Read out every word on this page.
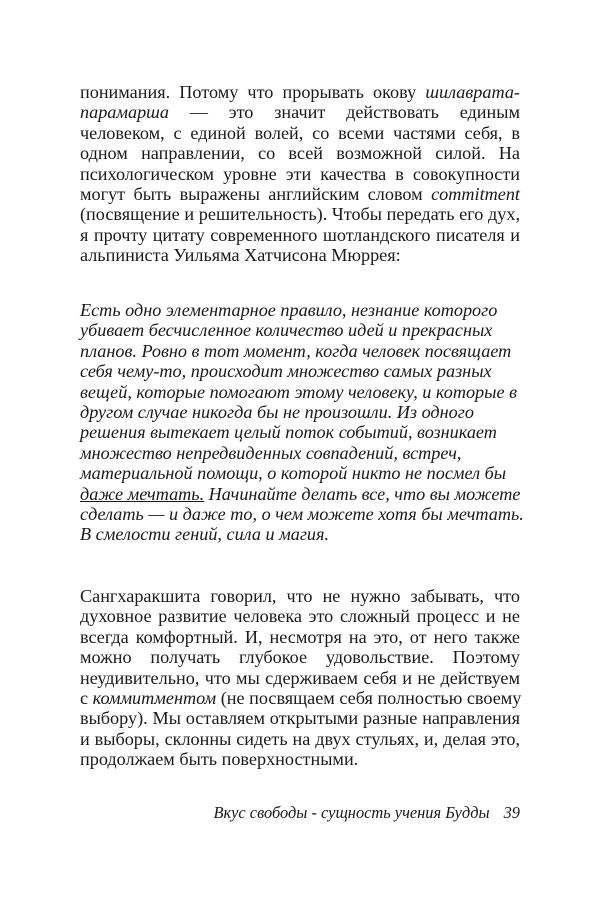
понимания. Потому что прорывать окову шилаврата-
парамарша — это значит действовать единым
человеком, с единой волей, со всеми частями себя, в
одном направлении, со всей возможной силой. На
психологическом уровне эти качества в совокупности
могут быть выражены английским словом commitment
(посвящение и решительность). Чтобы передать его дух,
я прочту цитату современного шотландского писателя и
альпиниста Уильяма Хатчисона Мюррея:
Есть одно элементарное правило, незнание которого
убивает бесчисленное количество идей и прекрасных
планов. Ровно в тот момент, когда человек посвящает
себя чему-то, происходит множество самых разных
вещей, которые помогают этому человеку, и которые в
другом случае никогда бы не произошли. Из одного
решения вытекает целый поток событий, возникает
множество непредвиденных совпадений, встреч,
материальной помощи, о которой никто не посмел бы
даже мечтать. Начинайте делать все, что вы можете
сделать — и даже то, о чем можете хотя бы мечтать.
В смелости гений, сила и магия.
Сангхаракшита говорил, что не нужно забывать, что
духовное развитие человека это сложный процесс и не
всегда комфортный. И, несмотря на это, от него также
можно получать глубокое удовольствие. Поэтому
неудивительно, что мы сдерживаем себя и не действуем
с коммитментом (не посвящаем себя полностью своему
выбору). Мы оставляем открытыми разные направления
и выборы, склонны сидеть на двух стульях, и, делая это,
продолжаем быть поверхностными.
Вкус свободы - сущность учения Будды 39
